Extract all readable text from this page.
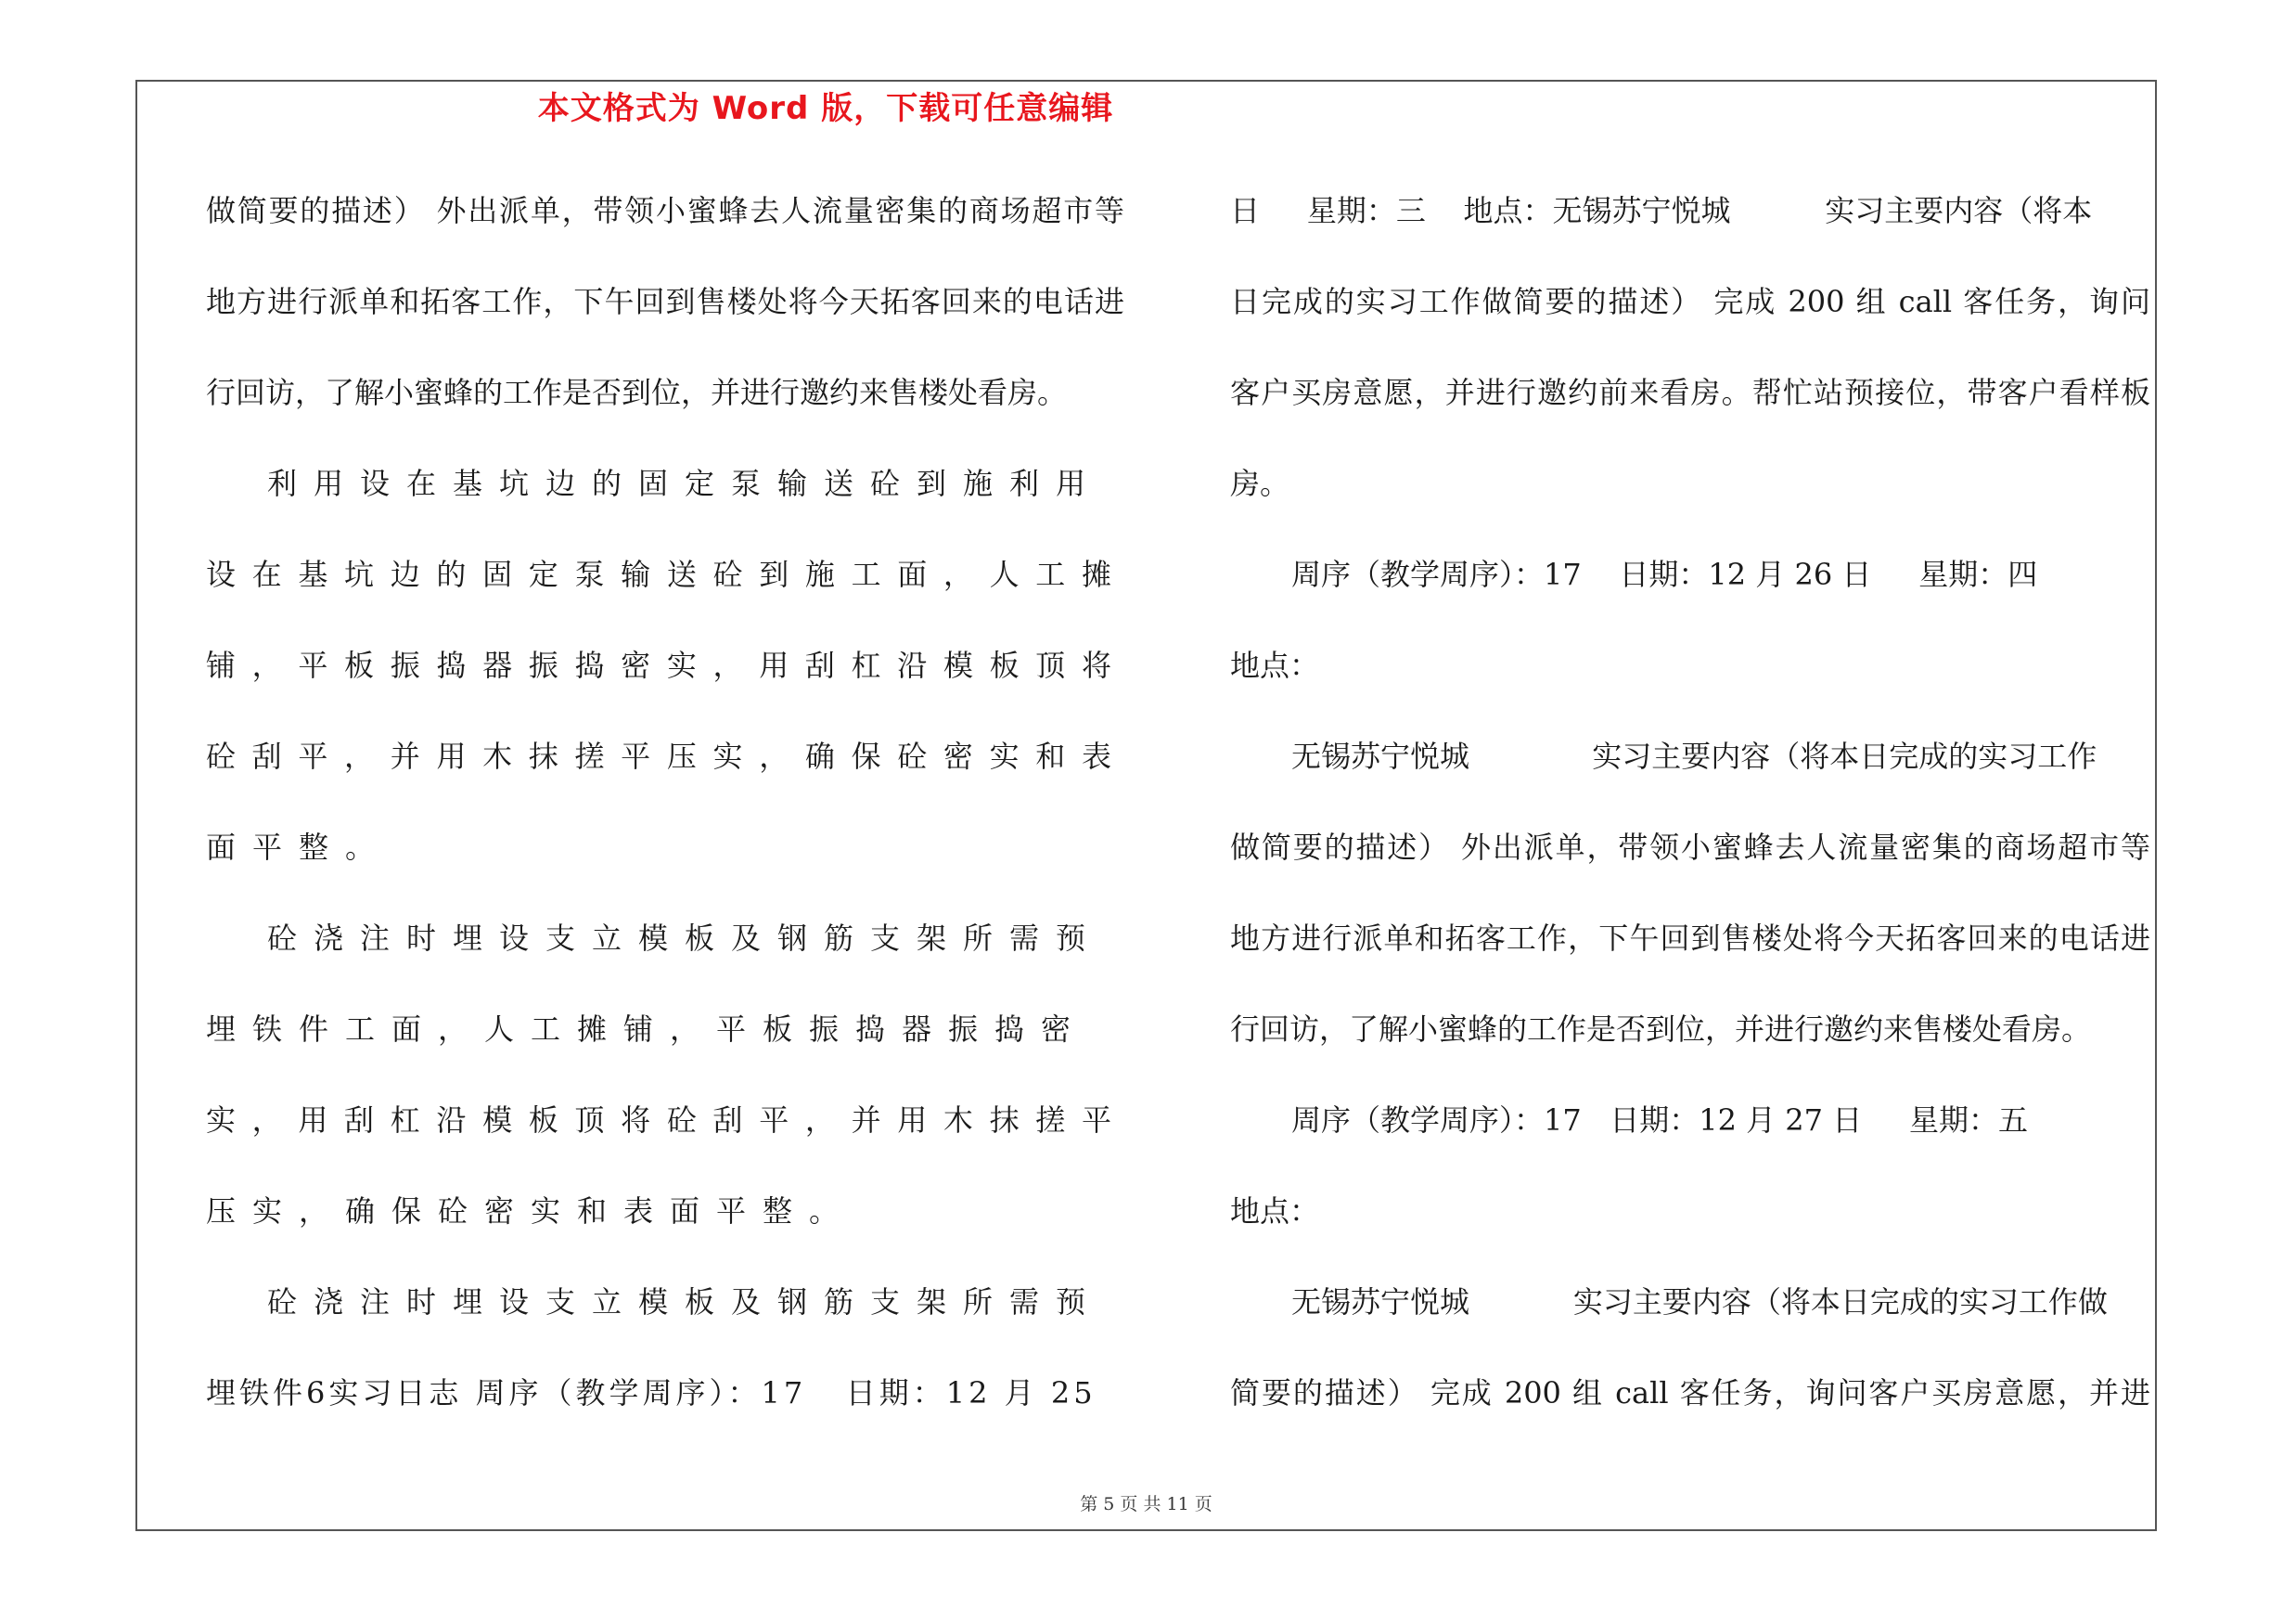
本文格式为 Word 版，下载可任意编辑
做简要的描述） 外出派单，带领小蜜蜂去人流量密集的商场超市等
地方进行派单和拓客工作，下午回到售楼处将今天拓客回来的电话进
行回访，了解小蜜蜂的工作是否到位，并进行邀约来售楼处看房。
利用设在基坑边的固定泵输送砼到施利用
设在基坑边的固定泵输送砼到施工面，人工摊
铺，平板振捣器振捣密实，用刮杠沿模板顶将
砼刮平，并用木抹搓平压实，确保砼密实和表
面平整。
砼浇注时埋设支立模板及钢筋支架所需预
埋铁件工面，人工摊铺，平板振捣器振捣密
实，用刮杠沿模板顶将砼刮平，并用木抹搓平
压实，确保砼密实和表面平整。
砼浇注时埋设支立模板及钢筋支架所需预
埋铁件6实习日志 周序（教学周序）：17   日期：12 月 25
日     星期：三    地点：无锡苏宁悦城          实习主要内容（将本
日完成的实习工作做简要的描述） 完成 200 组 call 客任务，询问
客户买房意愿，并进行邀约前来看房。帮忙站预接位，带客户看样板
房。
周序（教学周序）：17    日期：12 月 26 日     星期：四
地点：
无锡苏宁悦城             实习主要内容（将本日完成的实习工作
做简要的描述） 外出派单，带领小蜜蜂去人流量密集的商场超市等
地方进行派单和拓客工作，下午回到售楼处将今天拓客回来的电话进
行回访，了解小蜜蜂的工作是否到位，并进行邀约来售楼处看房。
周序（教学周序）：17   日期：12 月 27 日     星期：五
地点：
无锡苏宁悦城           实习主要内容（将本日完成的实习工作做
简要的描述） 完成 200 组 call 客任务，询问客户买房意愿，并进
第 5 页 共 11 页
